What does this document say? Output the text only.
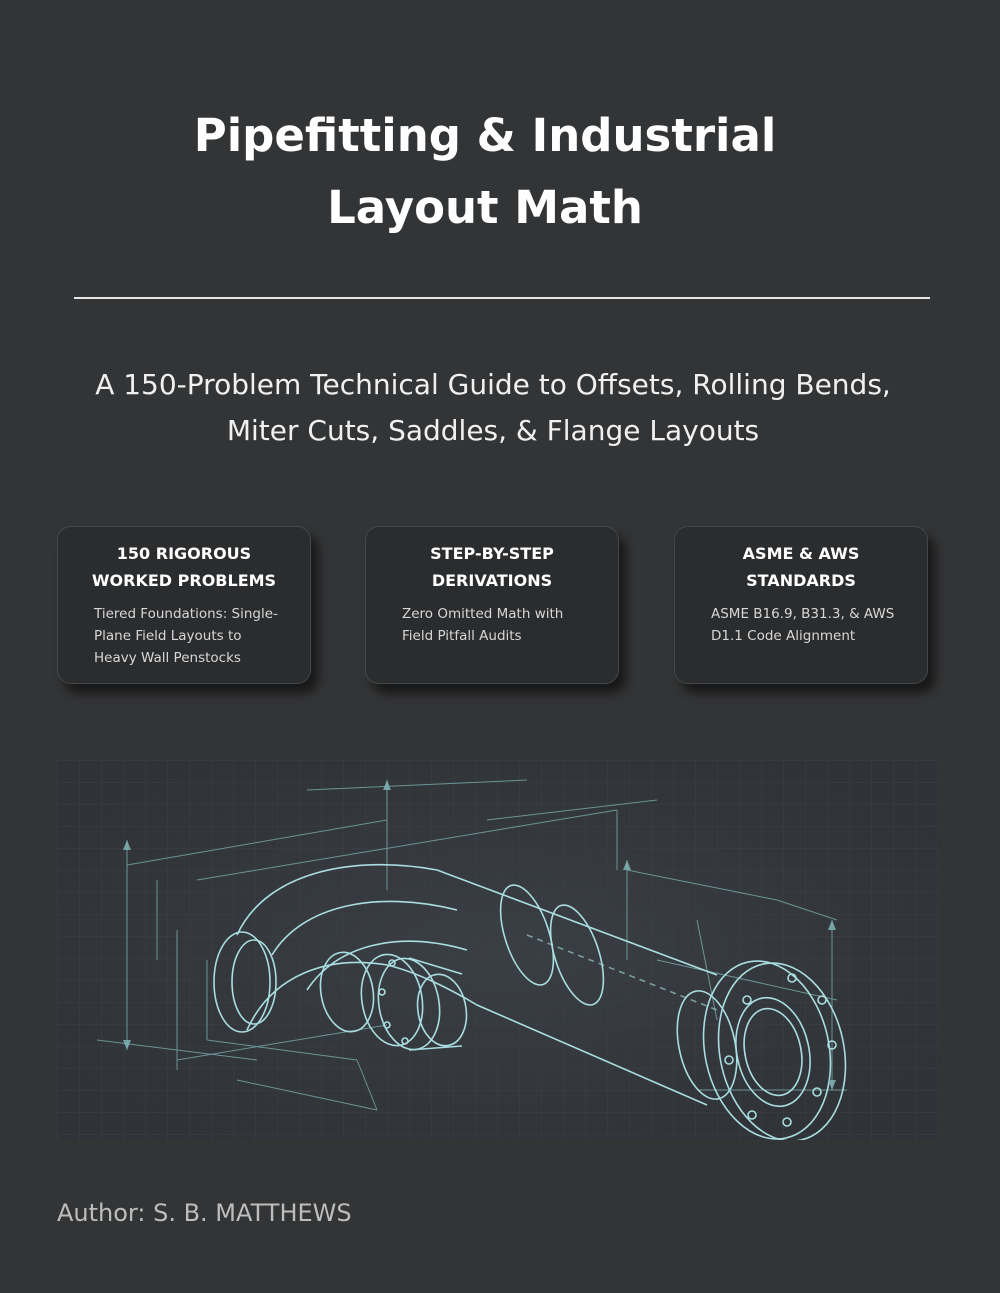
Pipefitting & Industrial
Layout Math

A 150-Problem Technical Guide to Offsets, Rolling Bends,
Miter Cuts, Saddles, & Flange Layouts

150 RIGOROUS
WORKED PROBLEMS
Tiered Foundations: Single-
Plane Field Layouts to
Heavy Wall Penstocks
STEP-BY-STEP
DERIVATIONS
Zero Omitted Math with
Field Pitfall Audits
ASME & AWS
STANDARDS
ASME B16.9, B31.3, & AWS
D1.1 Code Alignment
Author: S. B. MATTHEWS
